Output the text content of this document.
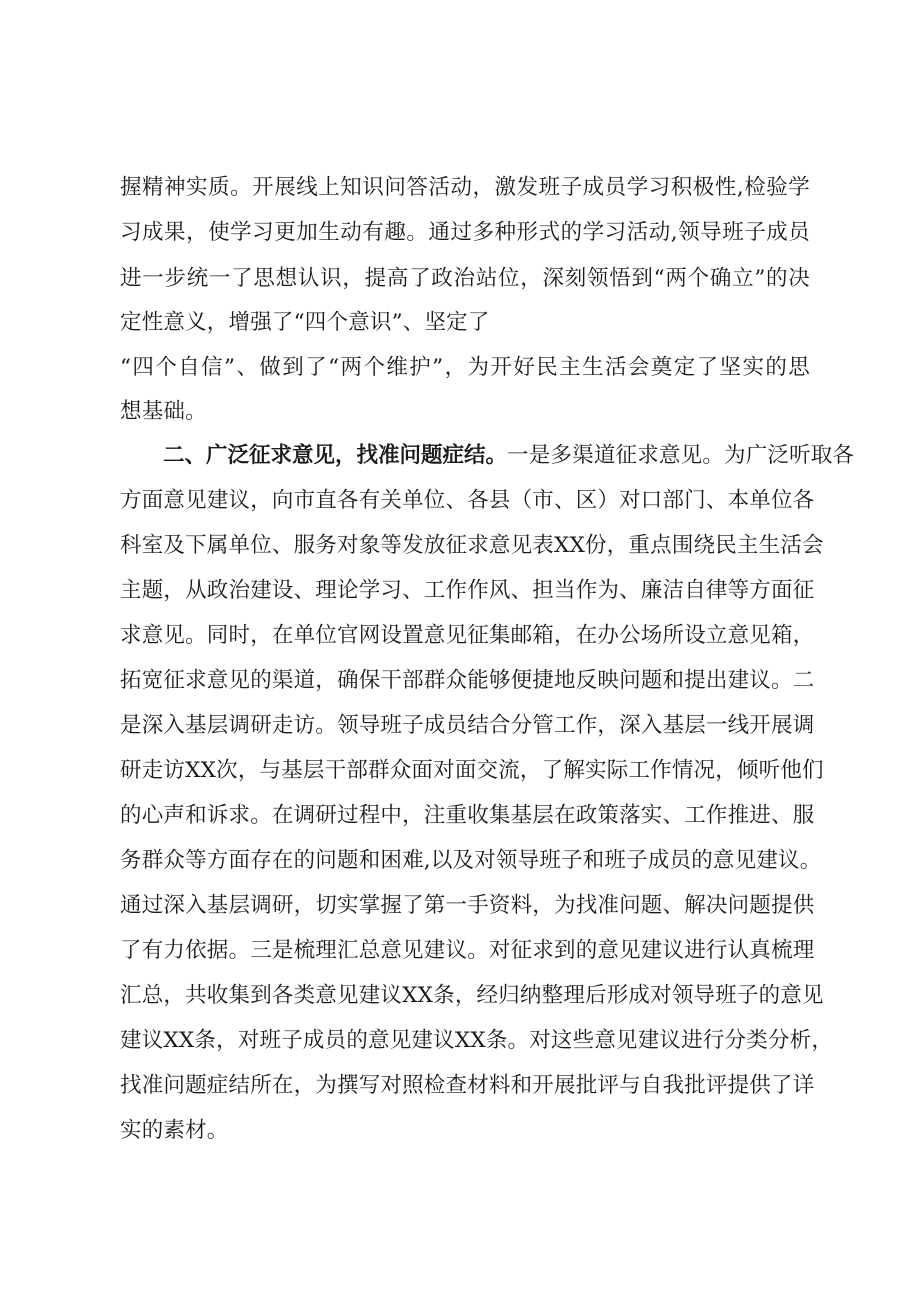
握精神实质。开展线上知识问答活动，激发班子成员学习积极性,检验学
习成果，使学习更加生动有趣。通过多种形式的学习活动,领导班子成员
进一步统一了思想认识，提高了政治站位，深刻领悟到“两个确立”的决
定性意义，增强了“四个意识”、坚定了
“四个自信”、做到了“两个维护”，为开好民主生活会奠定了坚实的思
想基础。
二、广泛征求意见，找准问题症结。一是多渠道征求意见。为广泛听取各
方面意见建议，向市直各有关单位、各县（市、区）对口部门、本单位各
科室及下属单位、服务对象等发放征求意见表XX份，重点围绕民主生活会
主题，从政治建设、理论学习、工作作风、担当作为、廉洁自律等方面征
求意见。同时，在单位官网设置意见征集邮箱，在办公场所设立意见箱，
拓宽征求意见的渠道，确保干部群众能够便捷地反映问题和提出建议。二
是深入基层调研走访。领导班子成员结合分管工作，深入基层一线开展调
研走访XX次，与基层干部群众面对面交流，了解实际工作情况，倾听他们
的心声和诉求。在调研过程中，注重收集基层在政策落实、工作推进、服
务群众等方面存在的问题和困难,以及对领导班子和班子成员的意见建议。
通过深入基层调研，切实掌握了第一手资料，为找准问题、解决问题提供
了有力依据。三是梳理汇总意见建议。对征求到的意见建议进行认真梳理
汇总，共收集到各类意见建议XX条，经归纳整理后形成对领导班子的意见
建议XX条，对班子成员的意见建议XX条。对这些意见建议进行分类分析，
找准问题症结所在，为撰写对照检查材料和开展批评与自我批评提供了详
实的素材。
